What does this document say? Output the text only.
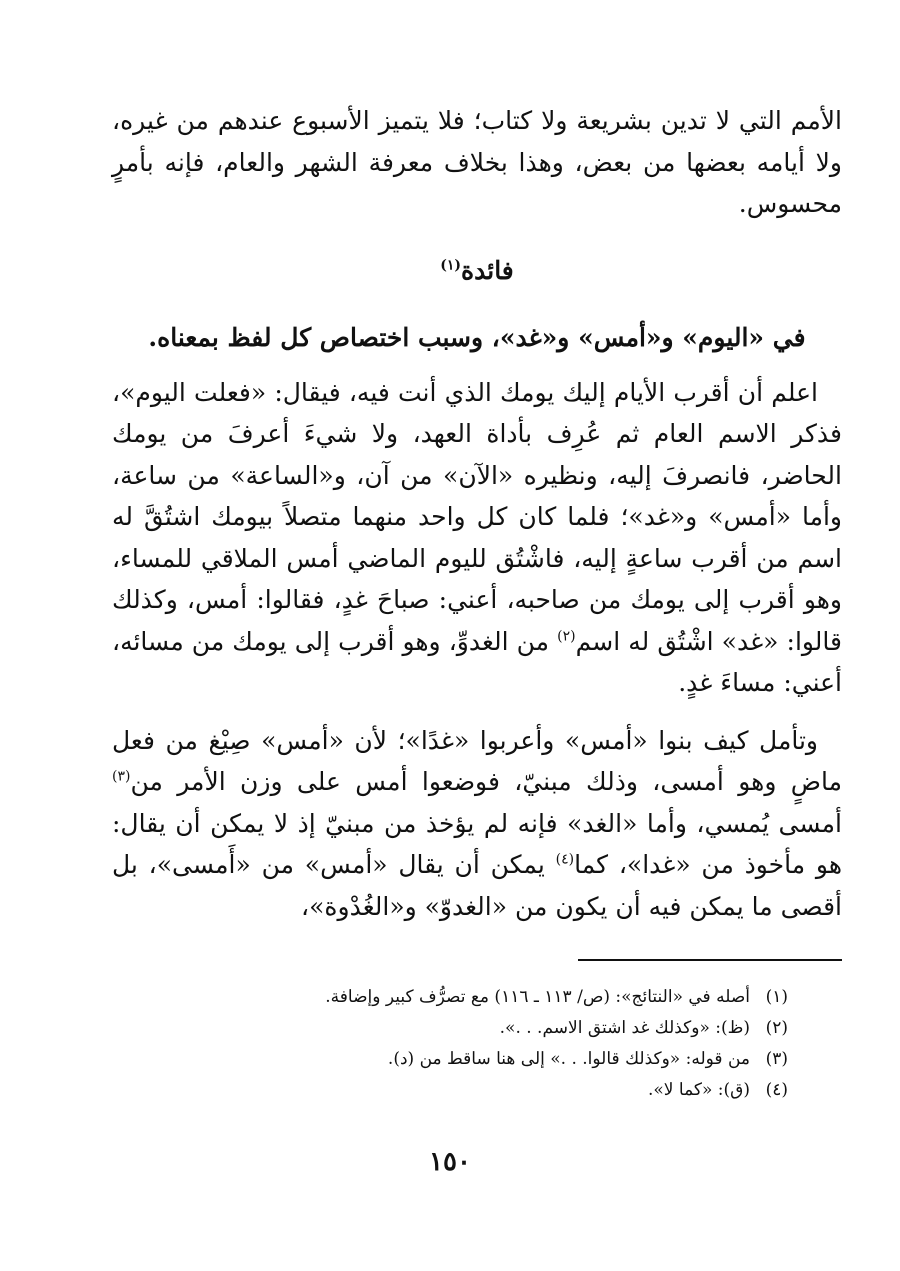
الأمم التي لا تدين بشريعة ولا كتاب؛ فلا يتميز الأسبوع عندهم من غيره، ولا أيامه بعضها من بعض، وهذا بخلاف معرفة الشهر والعام، فإنه بأمرٍ محسوس.

فائدة$^{(١)}$

في «اليوم» و«أمس» و«غد»، وسبب اختصاص كل لفظ بمعناه.

اعلم أن أقرب الأيام إليك يومك الذي أنت فيه، فيقال: «فعلت اليوم»، فذكر الاسم العام ثم عُرِف بأداة العهد، ولا شيءَ أعرفَ من يومك الحاضر، فانصرفَ إليه، ونظيره «الآن» من آن، و«الساعة» من ساعة، وأما «أمس» و«غد»؛ فلما كان كل واحد منهما متصلاً بيومك اشتُقَّ له اسم من أقرب ساعةٍ إليه، فاشْتُق لليوم الماضي أمس الملاقي للمساء، وهو أقرب إلى يومك من صاحبه، أعني: صباحَ غدٍ، فقالوا: أمس، وكذلك قالوا: «غد» اشْتُق له اسم$^{(٢)}$ من الغدوِّ، وهو أقرب إلى يومك من مسائه، أعني: مساءَ غدٍ.

وتأمل كيف بنوا «أمس» وأعربوا «غدًا»؛ لأن «أمس» صِيْغ من فعل ماضٍ وهو أمسى، وذلك مبنيّ، فوضعوا أمس على وزن الأمر من$^{(٣)}$ أمسى يُمسي، وأما «الغد» فإنه لم يؤخذ من مبنيّ إذ لا يمكن أن يقال: هو مأخوذ من «غدا»، كما$^{(٤)}$ يمكن أن يقال «أمس» من «أَمسى»، بل أقصى ما يمكن فيه أن يكون من «الغدوّ» و«الغُدْوة»،

(١)
أصله في «النتائج»: (ص/ ١١٣ ـ ١١٦) مع تصرُّف كبير وإضافة.

(٢)
(ظ): «وكذلك غد اشتق الاسم. . .».

(٣)
من قوله: «وكذلك قالوا. . .» إلى هنا ساقط من (د).

(٤)
(ق): «كما لا».

١٥٠
